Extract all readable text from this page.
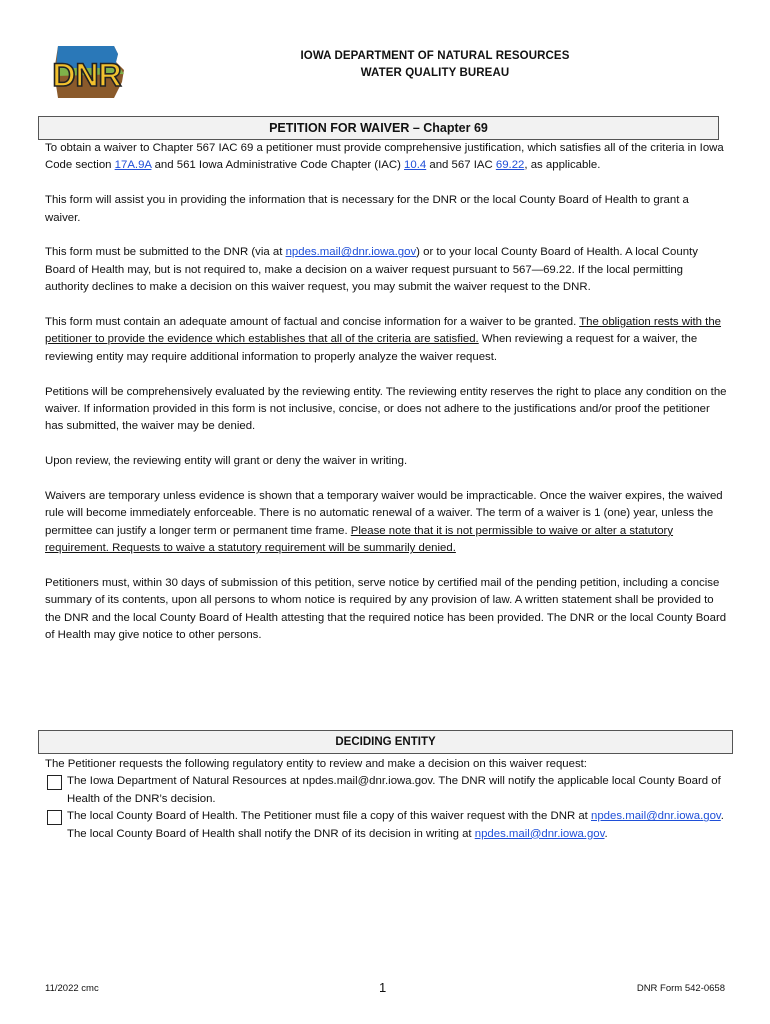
DNR
IOWA DEPARTMENT OF NATURAL RESOURCES
WATER QUALITY BUREAU
PETITION FOR WAIVER – Chapter 69

To obtain a waiver to Chapter 567 IAC 69 a petitioner must provide comprehensive justification, which satisfies all of the criteria in Iowa Code section 17A.9A and 561 Iowa Administrative Code Chapter (IAC) 10.4 and 567 IAC 69.22, as applicable.

This form will assist you in providing the information that is necessary for the DNR or the local County Board of Health to grant a waiver.

This form must be submitted to the DNR (via at npdes.mail@dnr.iowa.gov) or to your local County Board of Health. A local County Board of Health may, but is not required to, make a decision on a waiver request pursuant to 567—69.22. If the local permitting authority declines to make a decision on this waiver request, you may submit the waiver request to the DNR.

This form must contain an adequate amount of factual and concise information for a waiver to be granted. The obligation rests with the petitioner to provide the evidence which establishes that all of the criteria are satisfied. When reviewing a request for a waiver, the reviewing entity may require additional information to properly analyze the waiver request.

Petitions will be comprehensively evaluated by the reviewing entity. The reviewing entity reserves the right to place any condition on the waiver. If information provided in this form is not inclusive, concise, or does not adhere to the justifications and/or proof the petitioner has submitted, the waiver may be denied.

Upon review, the reviewing entity will grant or deny the waiver in writing.

Waivers are temporary unless evidence is shown that a temporary waiver would be impracticable. Once the waiver expires, the waived rule will become immediately enforceable. There is no automatic renewal of a waiver. The term of a waiver is 1 (one) year, unless the permittee can justify a longer term or permanent time frame. Please note that it is not permissible to waive or alter a statutory requirement. Requests to waive a statutory requirement will be summarily denied.

Petitioners must, within 30 days of submission of this petition, serve notice by certified mail of the pending petition, including a concise summary of its contents, upon all persons to whom notice is required by any provision of law. A written statement shall be provided to the DNR and the local County Board of Health attesting that the required notice has been provided. The DNR or the local County Board of Health may give notice to other persons.

DECIDING ENTITY
The Petitioner requests the following regulatory entity to review and make a decision on this waiver request:
The Iowa Department of Natural Resources at npdes.mail@dnr.iowa.gov. The DNR will notify the applicable local County Board of Health of the DNR’s decision.
The local County Board of Health. The Petitioner must file a copy of this waiver request with the DNR at npdes.mail@dnr.iowa.gov. The local County Board of Health shall notify the DNR of its decision in writing at npdes.mail@dnr.iowa.gov.
11/2022 cmc	1	DNR Form 542-0658
